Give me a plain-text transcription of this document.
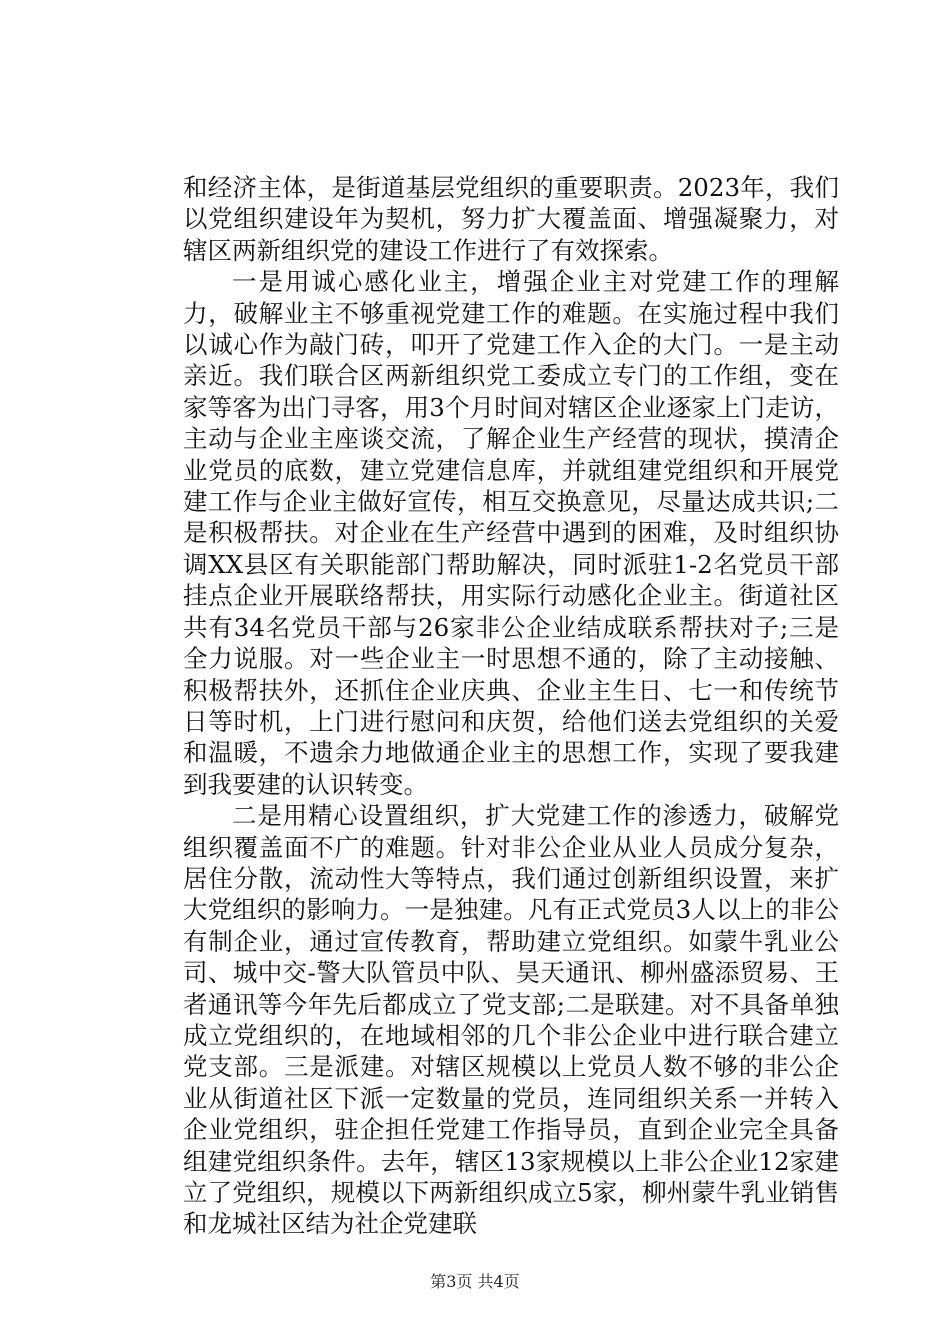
和经济主体，是街道基层党组织的重要职责。2023年，我们以党组织建设年为契机，努力扩大覆盖面、增强凝聚力，对辖区两新组织党的建设工作进行了有效探索。

一是用诚心感化业主，增强企业主对党建工作的理解力，破解业主不够重视党建工作的难题。在实施过程中我们以诚心作为敲门砖，叩开了党建工作入企的大门。一是主动亲近。我们联合区两新组织党工委成立专门的工作组，变在家等客为出门寻客，用3个月时间对辖区企业逐家上门走访，主动与企业主座谈交流，了解企业生产经营的现状，摸清企业党员的底数，建立党建信息库，并就组建党组织和开展党建工作与企业主做好宣传，相互交换意见，尽量达成共识;二是积极帮扶。对企业在生产经营中遇到的困难，及时组织协调XX县区有关职能部门帮助解决，同时派驻1-2名党员干部挂点企业开展联络帮扶，用实际行动感化企业主。街道社区共有34名党员干部与26家非公企业结成联系帮扶对子;三是全力说服。对一些企业主一时思想不通的，除了主动接触、积极帮扶外，还抓住企业庆典、企业主生日、七一和传统节日等时机，上门进行慰问和庆贺，给他们送去党组织的关爱和温暖，不遗余力地做通企业主的思想工作，实现了要我建到我要建的认识转变。

二是用精心设置组织，扩大党建工作的渗透力，破解党组织覆盖面不广的难题。针对非公企业从业人员成分复杂，居住分散，流动性大等特点，我们通过创新组织设置，来扩大党组织的影响力。一是独建。凡有正式党员3人以上的非公有制企业，通过宣传教育，帮助建立党组织。如蒙牛乳业公司、城中交-警大队管员中队、昊天通讯、柳州盛添贸易、王者通讯等今年先后都成立了党支部;二是联建。对不具备单独成立党组织的，在地域相邻的几个非公企业中进行联合建立党支部。三是派建。对辖区规模以上党员人数不够的非公企业从街道社区下派一定数量的党员，连同组织关系一并转入企业党组织，驻企担任党建工作指导员，直到企业完全具备组建党组织条件。去年，辖区13家规模以上非公企业12家建立了党组织，规模以下两新组织成立5家，柳州蒙牛乳业销售和龙城社区结为社企党建联

第3页 共4页
